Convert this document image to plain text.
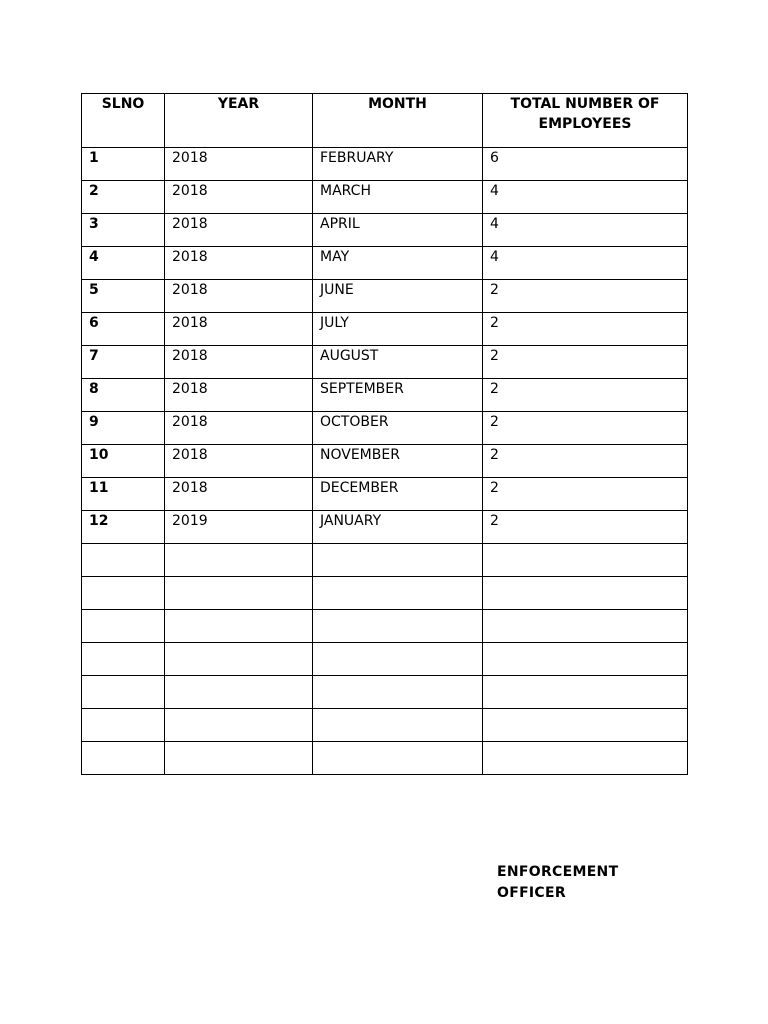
SLNO	YEAR	MONTH	TOTAL NUMBER OF EMPLOYEES
1	2018	FEBRUARY	6
2	2018	MARCH	4
3	2018	APRIL	4
4	2018	MAY	4
5	2018	JUNE	2
6	2018	JULY	2
7	2018	AUGUST	2
8	2018	SEPTEMBER	2
9	2018	OCTOBER	2
10	2018	NOVEMBER	2
11	2018	DECEMBER	2
12	2019	JANUARY	2

ENFORCEMENT
OFFICER
